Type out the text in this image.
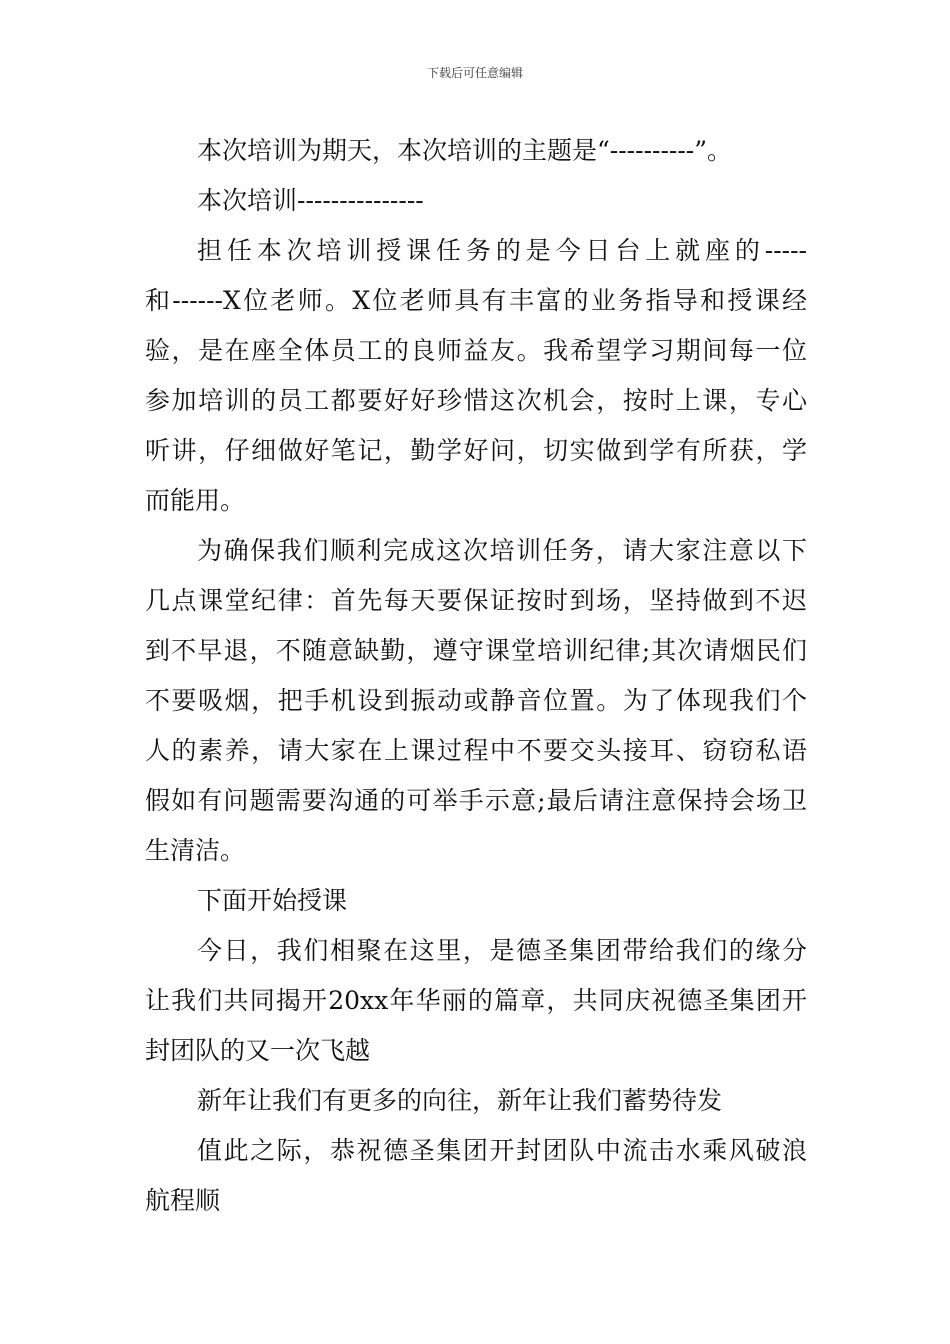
下载后可任意编辑
本次培训为期天，本次培训的主题是“----------”。
本次培训---------------
担任本次培训授课任务的是今日台上就座的-----
和------X位老师。X位老师具有丰富的业务指导和授课经
验，是在座全体员工的良师益友。我希望学习期间每一位
参加培训的员工都要好好珍惜这次机会，按时上课，专心
听讲，仔细做好笔记，勤学好问，切实做到学有所获，学
而能用。
为确保我们顺利完成这次培训任务，请大家注意以下
几点课堂纪律：首先每天要保证按时到场，坚持做到不迟
到不早退，不随意缺勤，遵守课堂培训纪律;其次请烟民们
不要吸烟，把手机设到振动或静音位置。为了体现我们个
人的素养，请大家在上课过程中不要交头接耳、窃窃私语
假如有问题需要沟通的可举手示意;最后请注意保持会场卫
生清洁。
下面开始授课
今日，我们相聚在这里，是德圣集团带给我们的缘分
让我们共同揭开20xx年华丽的篇章，共同庆祝德圣集团开
封团队的又一次飞越
新年让我们有更多的向往，新年让我们蓄势待发
值此之际，恭祝德圣集团开封团队中流击水乘风破浪
航程顺
